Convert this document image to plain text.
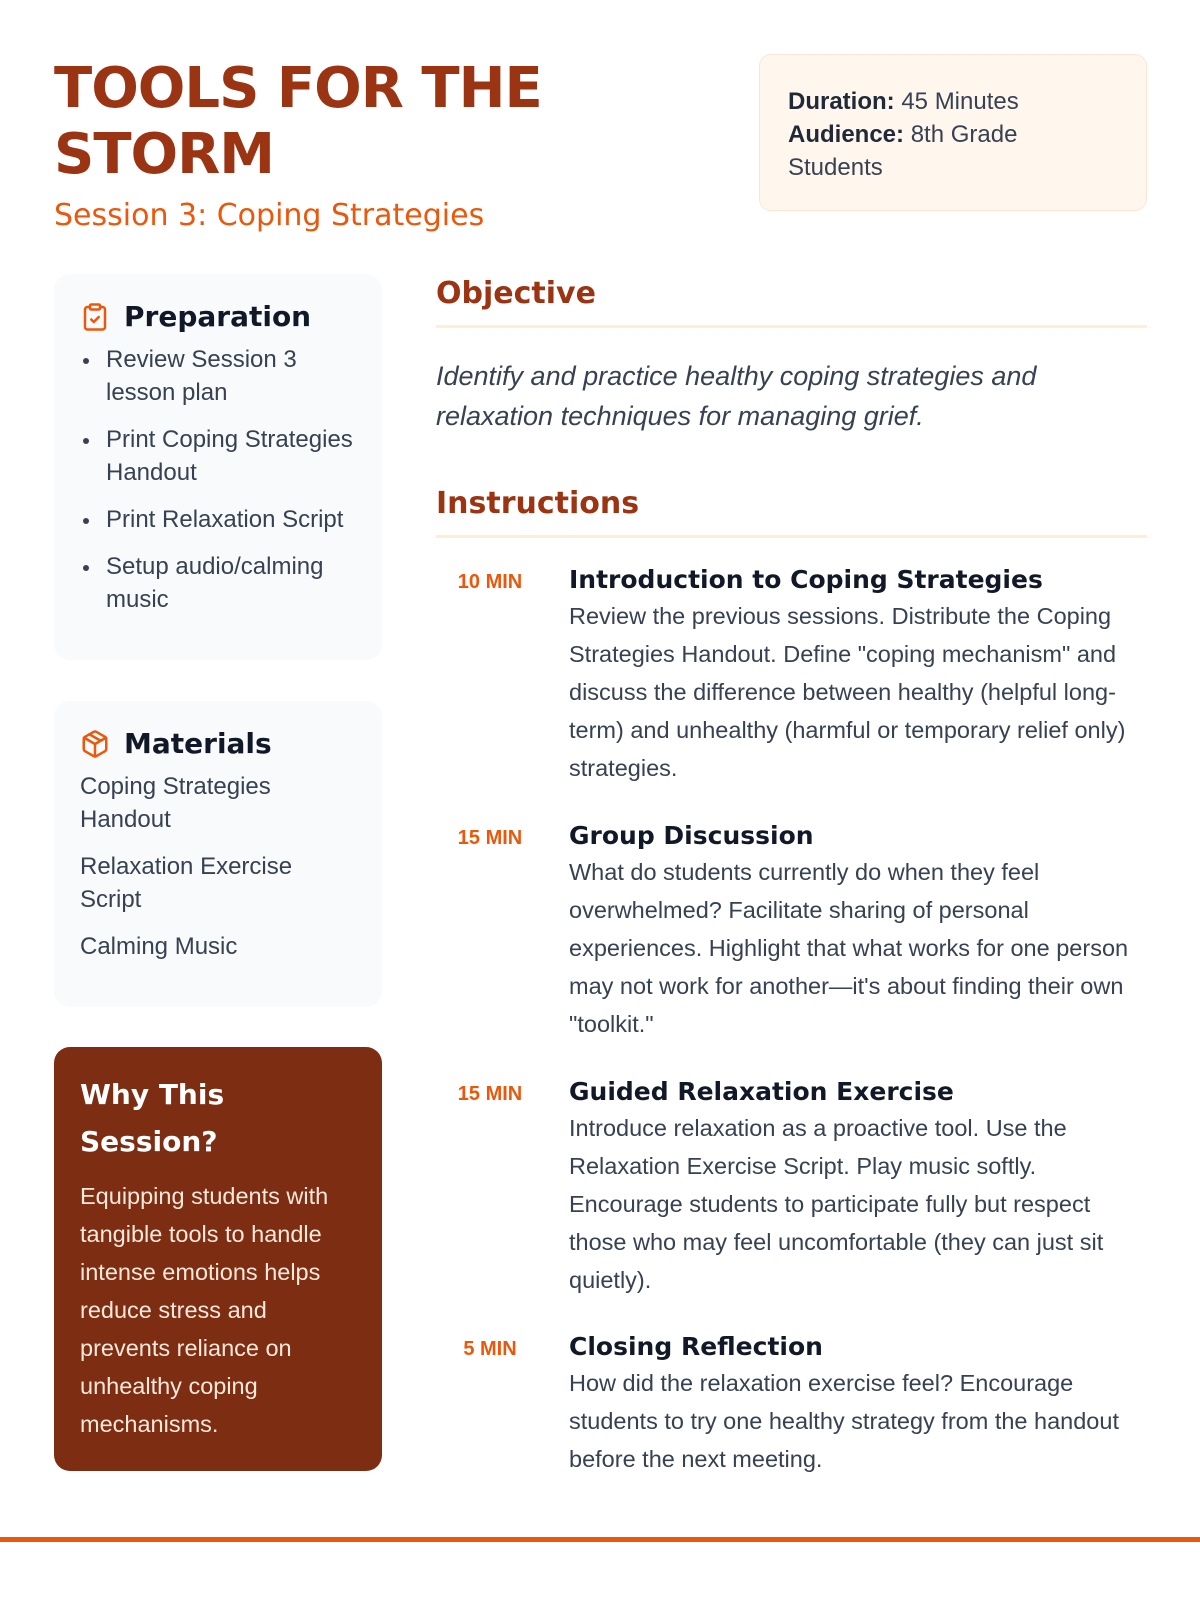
TOOLS FOR THE STORM
Session 3: Coping Strategies
Duration: 45 Minutes
Audience: 8th Grade Students
Preparation
Review Session 3 lesson plan
Print Coping Strategies Handout
Print Relaxation Script
Setup audio/calming music
Materials
Coping Strategies Handout
Relaxation Exercise Script
Calming Music
Why This Session?
Equipping students with tangible tools to handle intense emotions helps reduce stress and prevents reliance on unhealthy coping mechanisms.
Objective

Identify and practice healthy coping strategies and relaxation techniques for managing grief.

Instructions
10 MIN	Introduction to Coping Strategies
Review the previous sessions. Distribute the Coping Strategies Handout. Define "coping mechanism" and discuss the difference between healthy (helpful long-term) and unhealthy (harmful or temporary relief only) strategies.
15 MIN	Group Discussion
What do students currently do when they feel overwhelmed? Facilitate sharing of personal experiences. Highlight that what works for one person may not work for another—it's about finding their own "toolkit."
15 MIN	Guided Relaxation Exercise
Introduce relaxation as a proactive tool. Use the Relaxation Exercise Script. Play music softly. Encourage students to participate fully but respect those who may feel uncomfortable (they can just sit quietly).
5 MIN	Closing Reflection
How did the relaxation exercise feel? Encourage students to try one healthy strategy from the handout before the next meeting.
